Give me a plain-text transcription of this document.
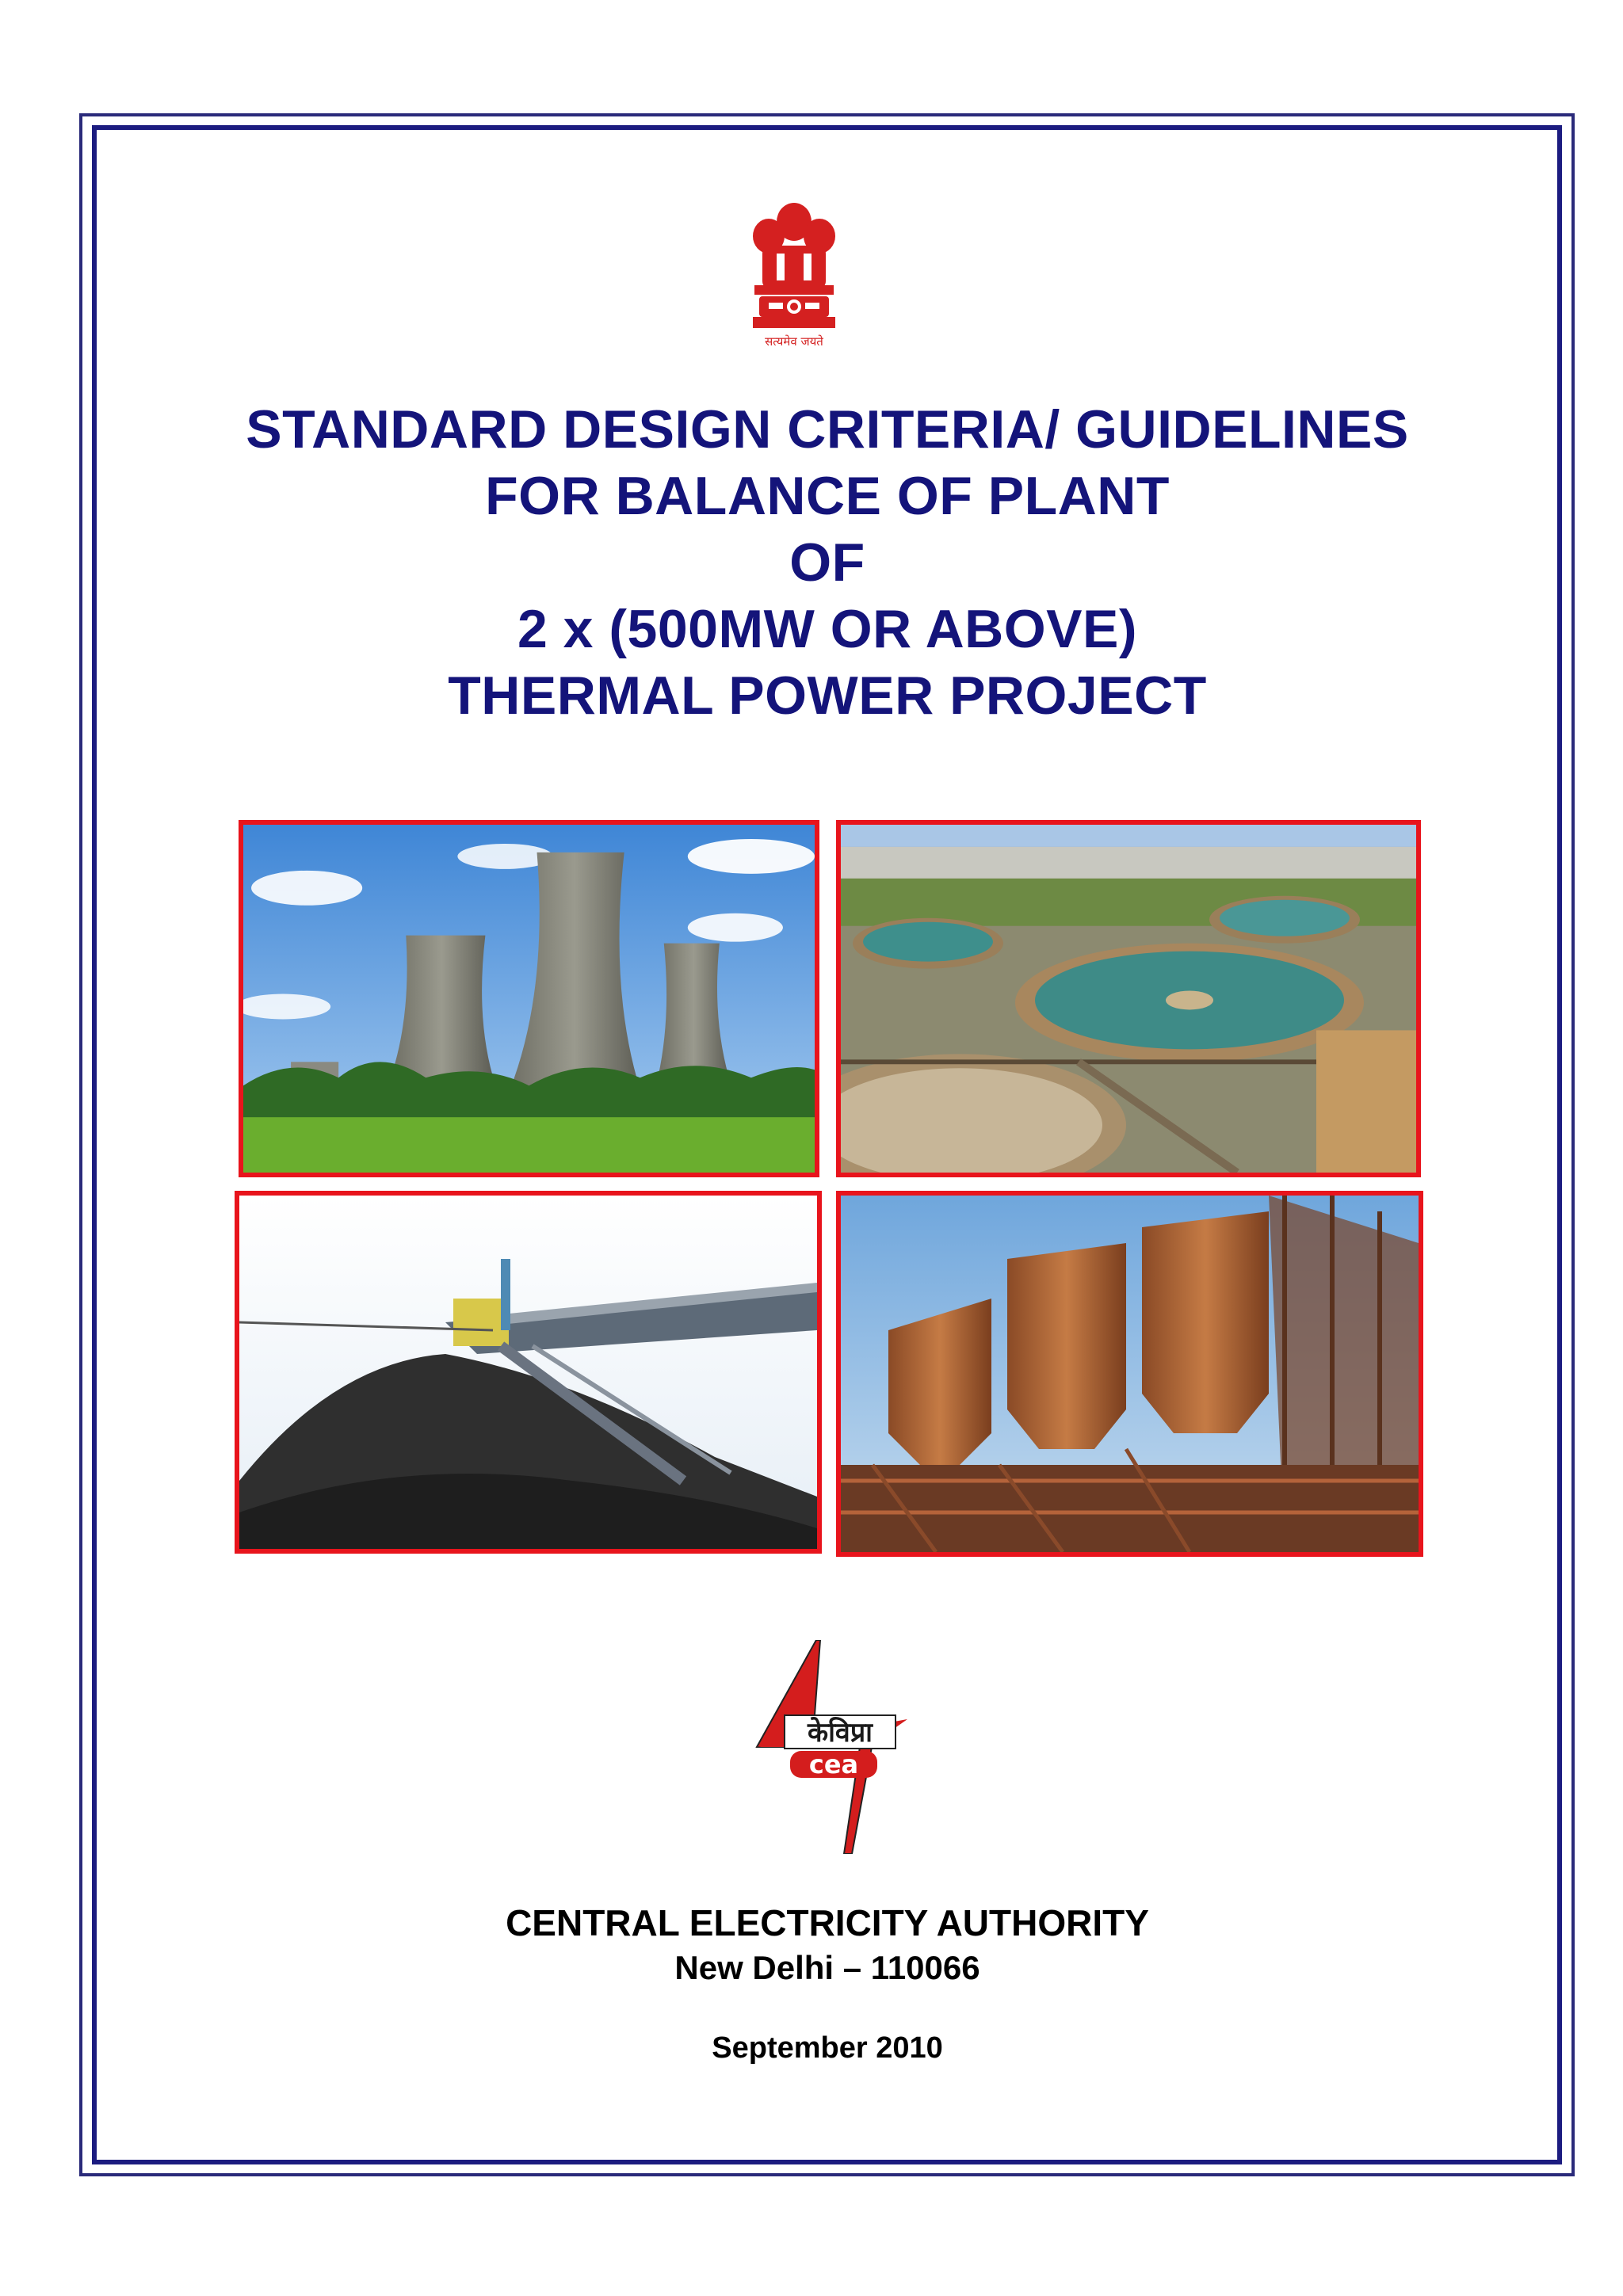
सत्यमेव जयते
STANDARD DESIGN CRITERIA/ GUIDELINES
FOR BALANCE OF PLANT
OF
2 x (500MW OR ABOVE)
THERMAL POWER PROJECT
केविप्रा
cea
CENTRAL ELECTRICITY AUTHORITY
New Delhi – 110066
September 2010
